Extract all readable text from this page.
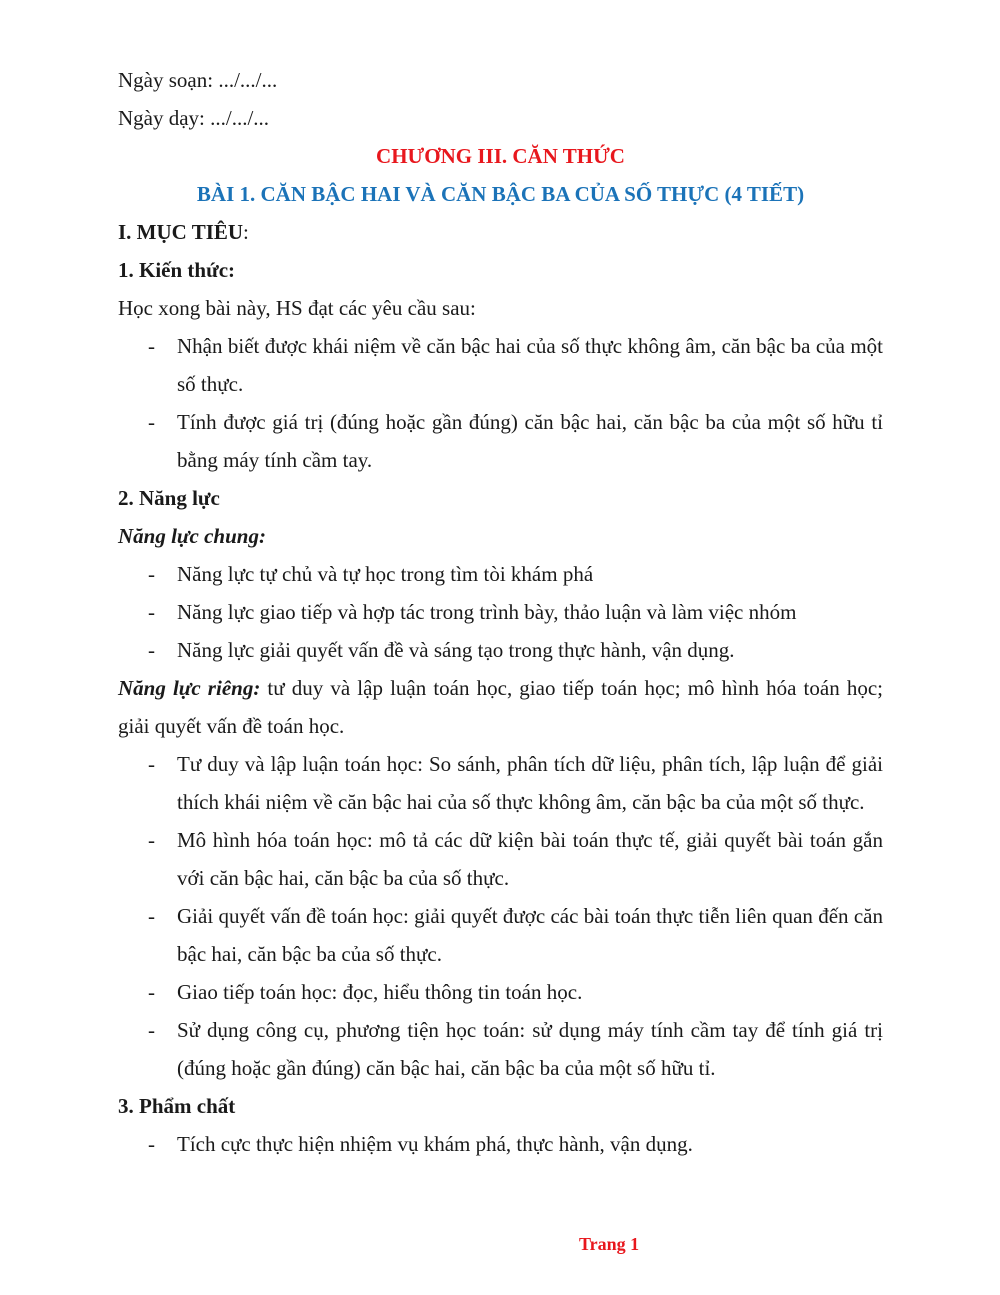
Ngày soạn: .../.../...

Ngày dạy: .../.../...

CHƯƠNG III. CĂN THỨC

BÀI 1. CĂN BẬC HAI VÀ CĂN BẬC BA CỦA SỐ THỰC (4 TIẾT)

I. MỤC TIÊU:

1. Kiến thức:

Học xong bài này, HS đạt các yêu cầu sau:

- Nhận biết được khái niệm về căn bậc hai của số thực không âm, căn bậc ba của một số thực.
- Tính được giá trị (đúng hoặc gần đúng) căn bậc hai, căn bậc ba của một số hữu tỉ bằng máy tính cầm tay.

2. Năng lực

Năng lực chung:

- Năng lực tự chủ và tự học trong tìm tòi khám phá
- Năng lực giao tiếp và hợp tác trong trình bày, thảo luận và làm việc nhóm
- Năng lực giải quyết vấn đề và sáng tạo trong thực hành, vận dụng.

Năng lực riêng: tư duy và lập luận toán học, giao tiếp toán học; mô hình hóa toán học; giải quyết vấn đề toán học.

- Tư duy và lập luận toán học: So sánh, phân tích dữ liệu, phân tích, lập luận để giải thích khái niệm về căn bậc hai của số thực không âm, căn bậc ba của một số thực.
- Mô hình hóa toán học: mô tả các dữ kiện bài toán thực tế, giải quyết bài toán gắn với căn bậc hai, căn bậc ba của số thực.
- Giải quyết vấn đề toán học: giải quyết được các bài toán thực tiễn liên quan đến căn bậc hai, căn bậc ba của số thực.
- Giao tiếp toán học: đọc, hiểu thông tin toán học.
- Sử dụng công cụ, phương tiện học toán: sử dụng máy tính cầm tay để tính giá trị (đúng hoặc gần đúng) căn bậc hai, căn bậc ba của một số hữu tỉ.

3. Phẩm chất

- Tích cực thực hiện nhiệm vụ khám phá, thực hành, vận dụng.
Trang 1
